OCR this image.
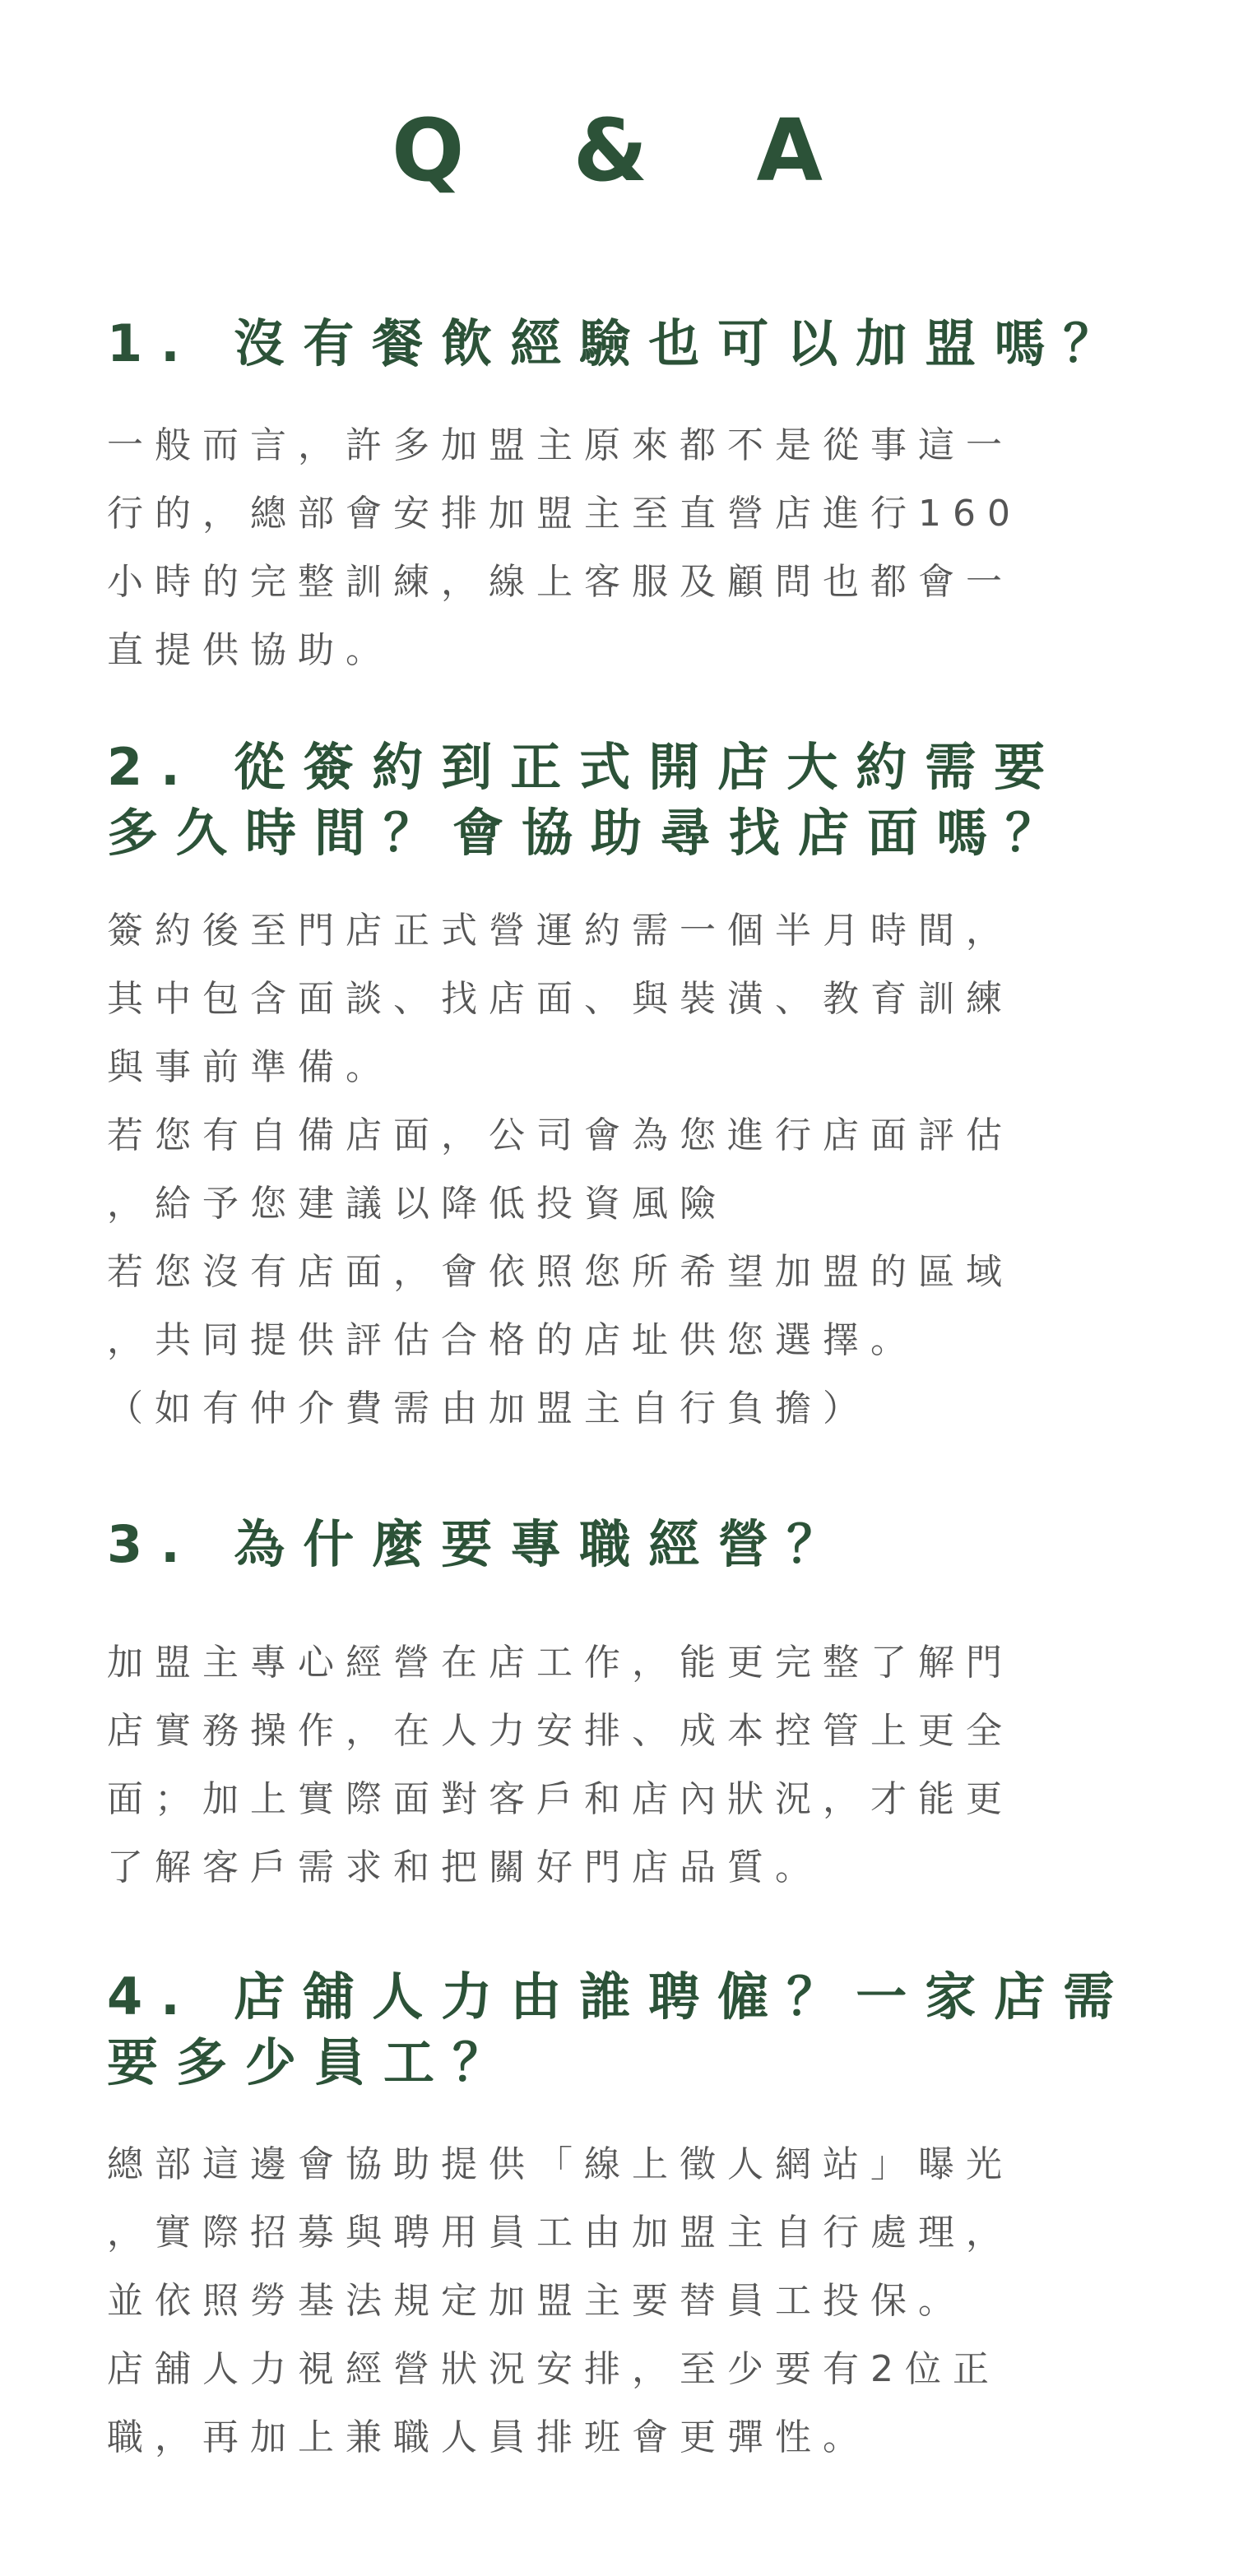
Q & A
1. 沒有餐飲經驗也可以加盟嗎？
一般而言，許多加盟主原來都不是從事這一
行的，總部會安排加盟主至直營店進行160
小時的完整訓練，線上客服及顧問也都會一
直提供協助。
2. 從簽約到正式開店大約需要
多久時間？會協助尋找店面嗎？
簽約後至門店正式營運約需一個半月時間，
其中包含面談、找店面、與裝潢、教育訓練
與事前準備。
若您有自備店面，公司會為您進行店面評估
，給予您建議以降低投資風險
若您沒有店面，會依照您所希望加盟的區域
，共同提供評估合格的店址供您選擇。
（如有仲介費需由加盟主自行負擔）
3. 為什麼要專職經營？
加盟主專心經營在店工作，能更完整了解門
店實務操作，在人力安排、成本控管上更全
面；加上實際面對客戶和店內狀況，才能更
了解客戶需求和把關好門店品質。
4. 店舖人力由誰聘僱？一家店需
要多少員工？
總部這邊會協助提供「線上徵人網站」曝光
，實際招募與聘用員工由加盟主自行處理，
並依照勞基法規定加盟主要替員工投保。
店舖人力視經營狀況安排，至少要有2位正
職，再加上兼職人員排班會更彈性。
